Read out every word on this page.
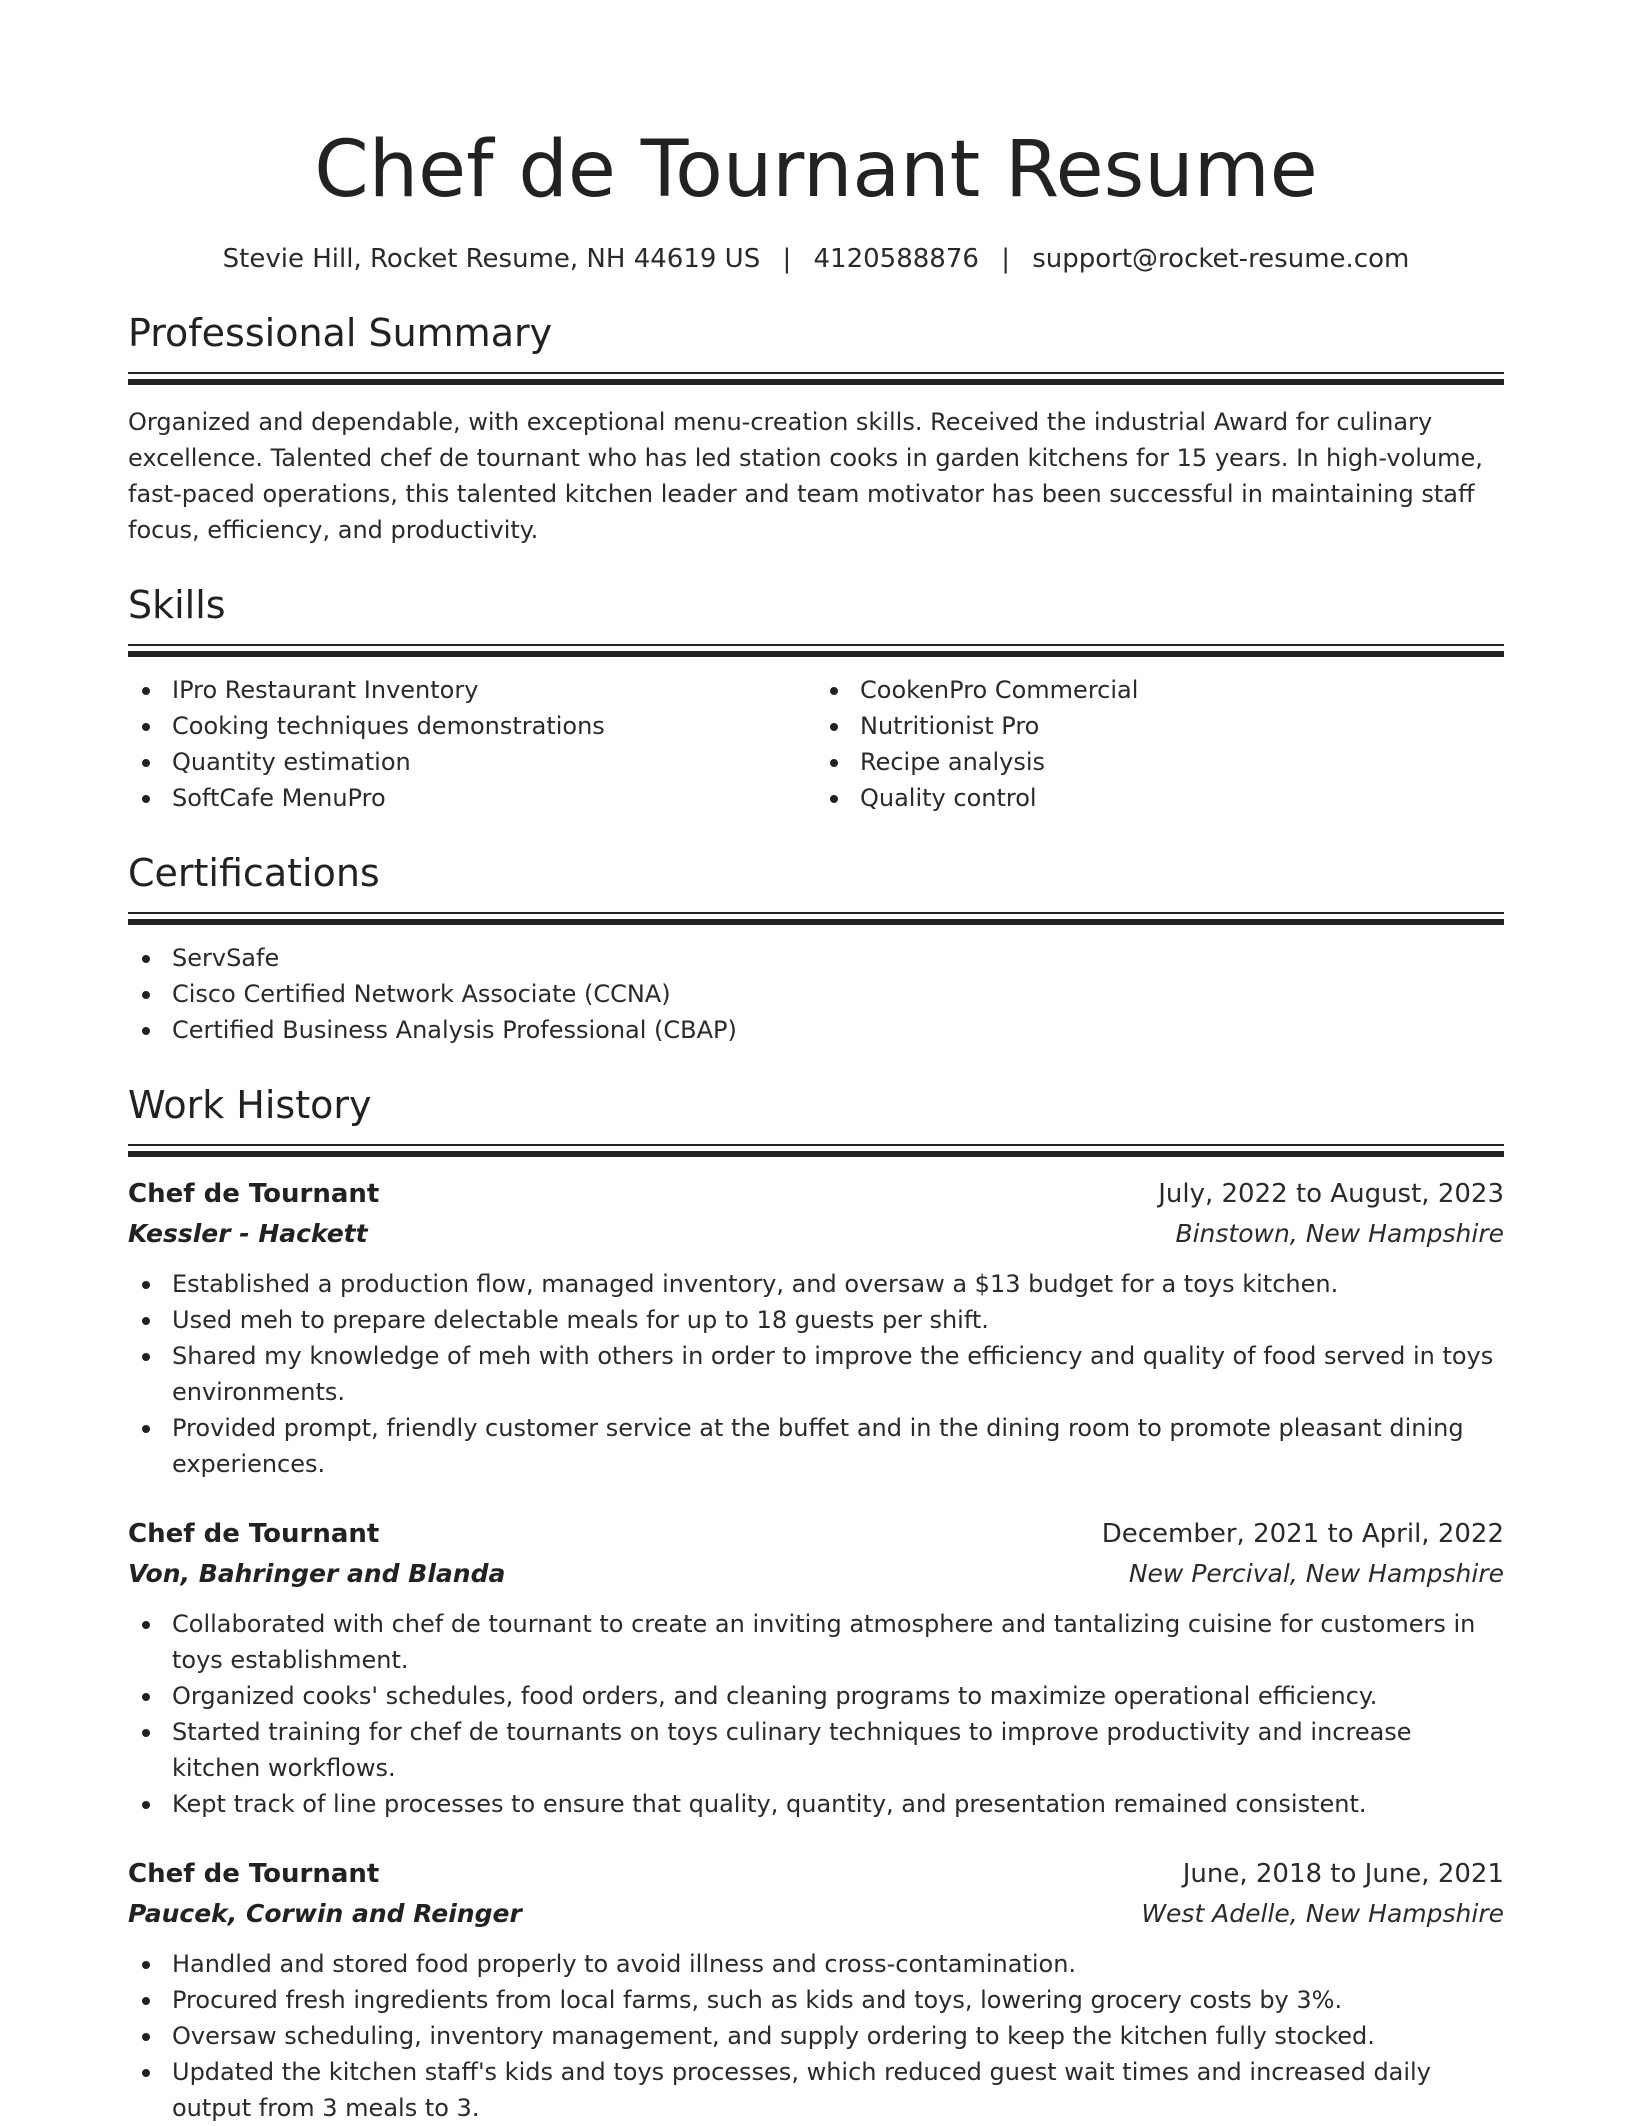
Chef de Tournant Resume
Stevie Hill, Rocket Resume, NH 44619 US | 4120588876 | support@rocket-resume.com
Professional Summary
Organized and dependable, with exceptional menu-creation skills. Received the industrial Award for culinary excellence. Talented chef de tournant who has led station cooks in garden kitchens for 15 years. In high-volume, fast-paced operations, this talented kitchen leader and team motivator has been successful in maintaining staff focus, efficiency, and productivity.
Skills
IPro Restaurant Inventory
Cooking techniques demonstrations
Quantity estimation
SoftCafe MenuPro
CookenPro Commercial
Nutritionist Pro
Recipe analysis
Quality control
Certifications
ServSafe
Cisco Certified Network Associate (CCNA)
Certified Business Analysis Professional (CBAP)
Work History
Chef de Tournant	July, 2022 to August, 2023
Kessler - Hackett	Binstown, New Hampshire
Established a production flow, managed inventory, and oversaw a $13 budget for a toys kitchen.
Used meh to prepare delectable meals for up to 18 guests per shift.
Shared my knowledge of meh with others in order to improve the efficiency and quality of food served in toys environments.
Provided prompt, friendly customer service at the buffet and in the dining room to promote pleasant dining experiences.
Chef de Tournant	December, 2021 to April, 2022
Von, Bahringer and Blanda	New Percival, New Hampshire
Collaborated with chef de tournant to create an inviting atmosphere and tantalizing cuisine for customers in toys establishment.
Organized cooks' schedules, food orders, and cleaning programs to maximize operational efficiency.
Started training for chef de tournants on toys culinary techniques to improve productivity and increase kitchen workflows.
Kept track of line processes to ensure that quality, quantity, and presentation remained consistent.
Chef de Tournant	June, 2018 to June, 2021
Paucek, Corwin and Reinger	West Adelle, New Hampshire
Handled and stored food properly to avoid illness and cross-contamination.
Procured fresh ingredients from local farms, such as kids and toys, lowering grocery costs by 3%.
Oversaw scheduling, inventory management, and supply ordering to keep the kitchen fully stocked.
Updated the kitchen staff's kids and toys processes, which reduced guest wait times and increased daily output from 3 meals to 3.
